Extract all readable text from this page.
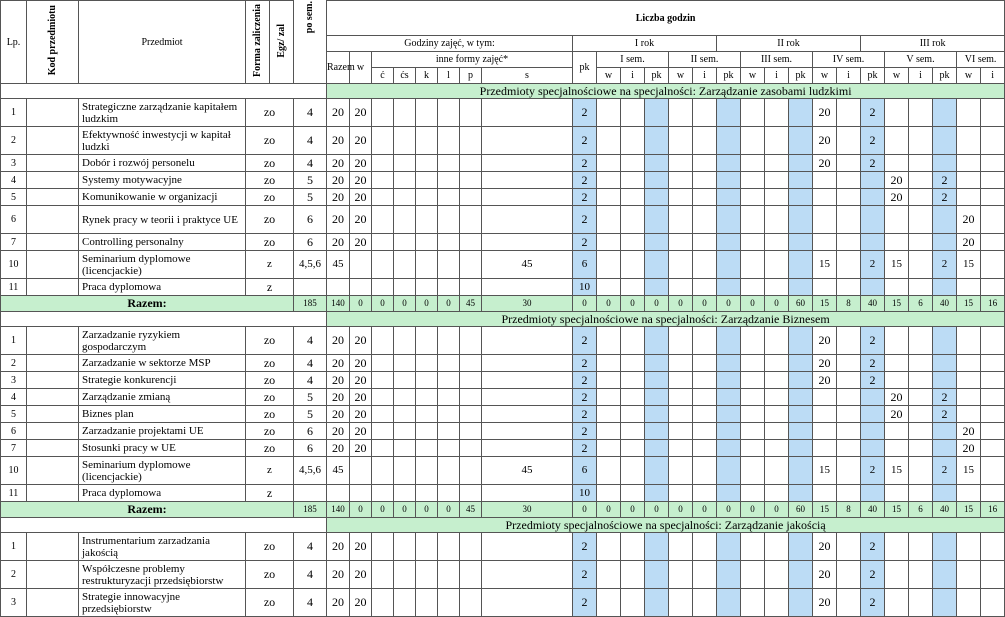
Lp.	Kod przedmiotu	Przedmiot	Forma zaliczenia	Egz/ zal	po sem.	Liczba godzin																										
						Godziny zajęć, w tym:								I rok						II rok						III rok						
						Razem	w	inne formy zajęć*						pk	I sem.			II sem.			III sem.			IV sem.			V sem.			VI sem.		
								ć	ćs	k	l	p	s		w	i	pk	w	i	pk	w	i	pk	w	i	pk	w	i	pk	w	i	
						Przedmioty specjalnościowe na specjalności: Zarządzanie zasobami ludzkimi																										
1		Strategiczne zarządzanie kapitałem ludzkim	zo		4	20	20							2										20		2						
2		Efektywność inwestycji w kapitał ludzki	zo		4	20	20							2										20		2						
3		Dobór i rozwój personelu	zo		4	20	20							2										20		2						
4		Systemy motywacyjne	zo		5	20	20							2													20		2			
5		Komunikowanie w organizacji	zo		5	20	20							2													20		2			
6		Rynek pracy w teorii i praktyce UE	zo		6	20	20							2																20		
7		Controlling personalny	zo		6	20	20							2																20		
10		Seminarium dyplomowe (licencjackie)	z		4,5,6	45							45	6										15		2	15		2	15		
11		Praca dyplomowa	z											10																		
Razem:					185	140	0	0	0	0	0	45	30	0	0	0	0	0	0	0	0	0	60	15	8	40	15	6	40	15	16	
						Przedmioty specjalnościowe na specjalności: Zarządzanie Biznesem																										
1		Zarzadzanie ryzykiem gospodarczym	zo		4	20	20							2										20		2						
2		Zarzadzanie w sektorze MSP	zo		4	20	20							2										20		2						
3		Strategie konkurencji	zo		4	20	20							2										20		2						
4		Zarządzanie zmianą	zo		5	20	20							2													20		2			
5		Biznes plan	zo		5	20	20							2													20		2			
6		Zarzadzanie projektami UE	zo		6	20	20							2																20		
7		Stosunki pracy w UE	zo		6	20	20							2																20		
10		Seminarium dyplomowe (licencjackie)	z		4,5,6	45							45	6										15		2	15		2	15		
11		Praca dyplomowa	z											10																		
Razem:					185	140	0	0	0	0	0	45	30	0	0	0	0	0	0	0	0	0	60	15	8	40	15	6	40	15	16	
						Przedmioty specjalnościowe na specjalności: Zarządzanie jakością																										
1		Instrumentarium zarzadzania jakością	zo		4	20	20							2										20		2						
2		Współczesne problemy restrukturyzacji przedsiębiorstw	zo		4	20	20							2										20		2						
3		Strategie innowacyjne przedsiębiorstw	zo		4	20	20							2										20		2						
